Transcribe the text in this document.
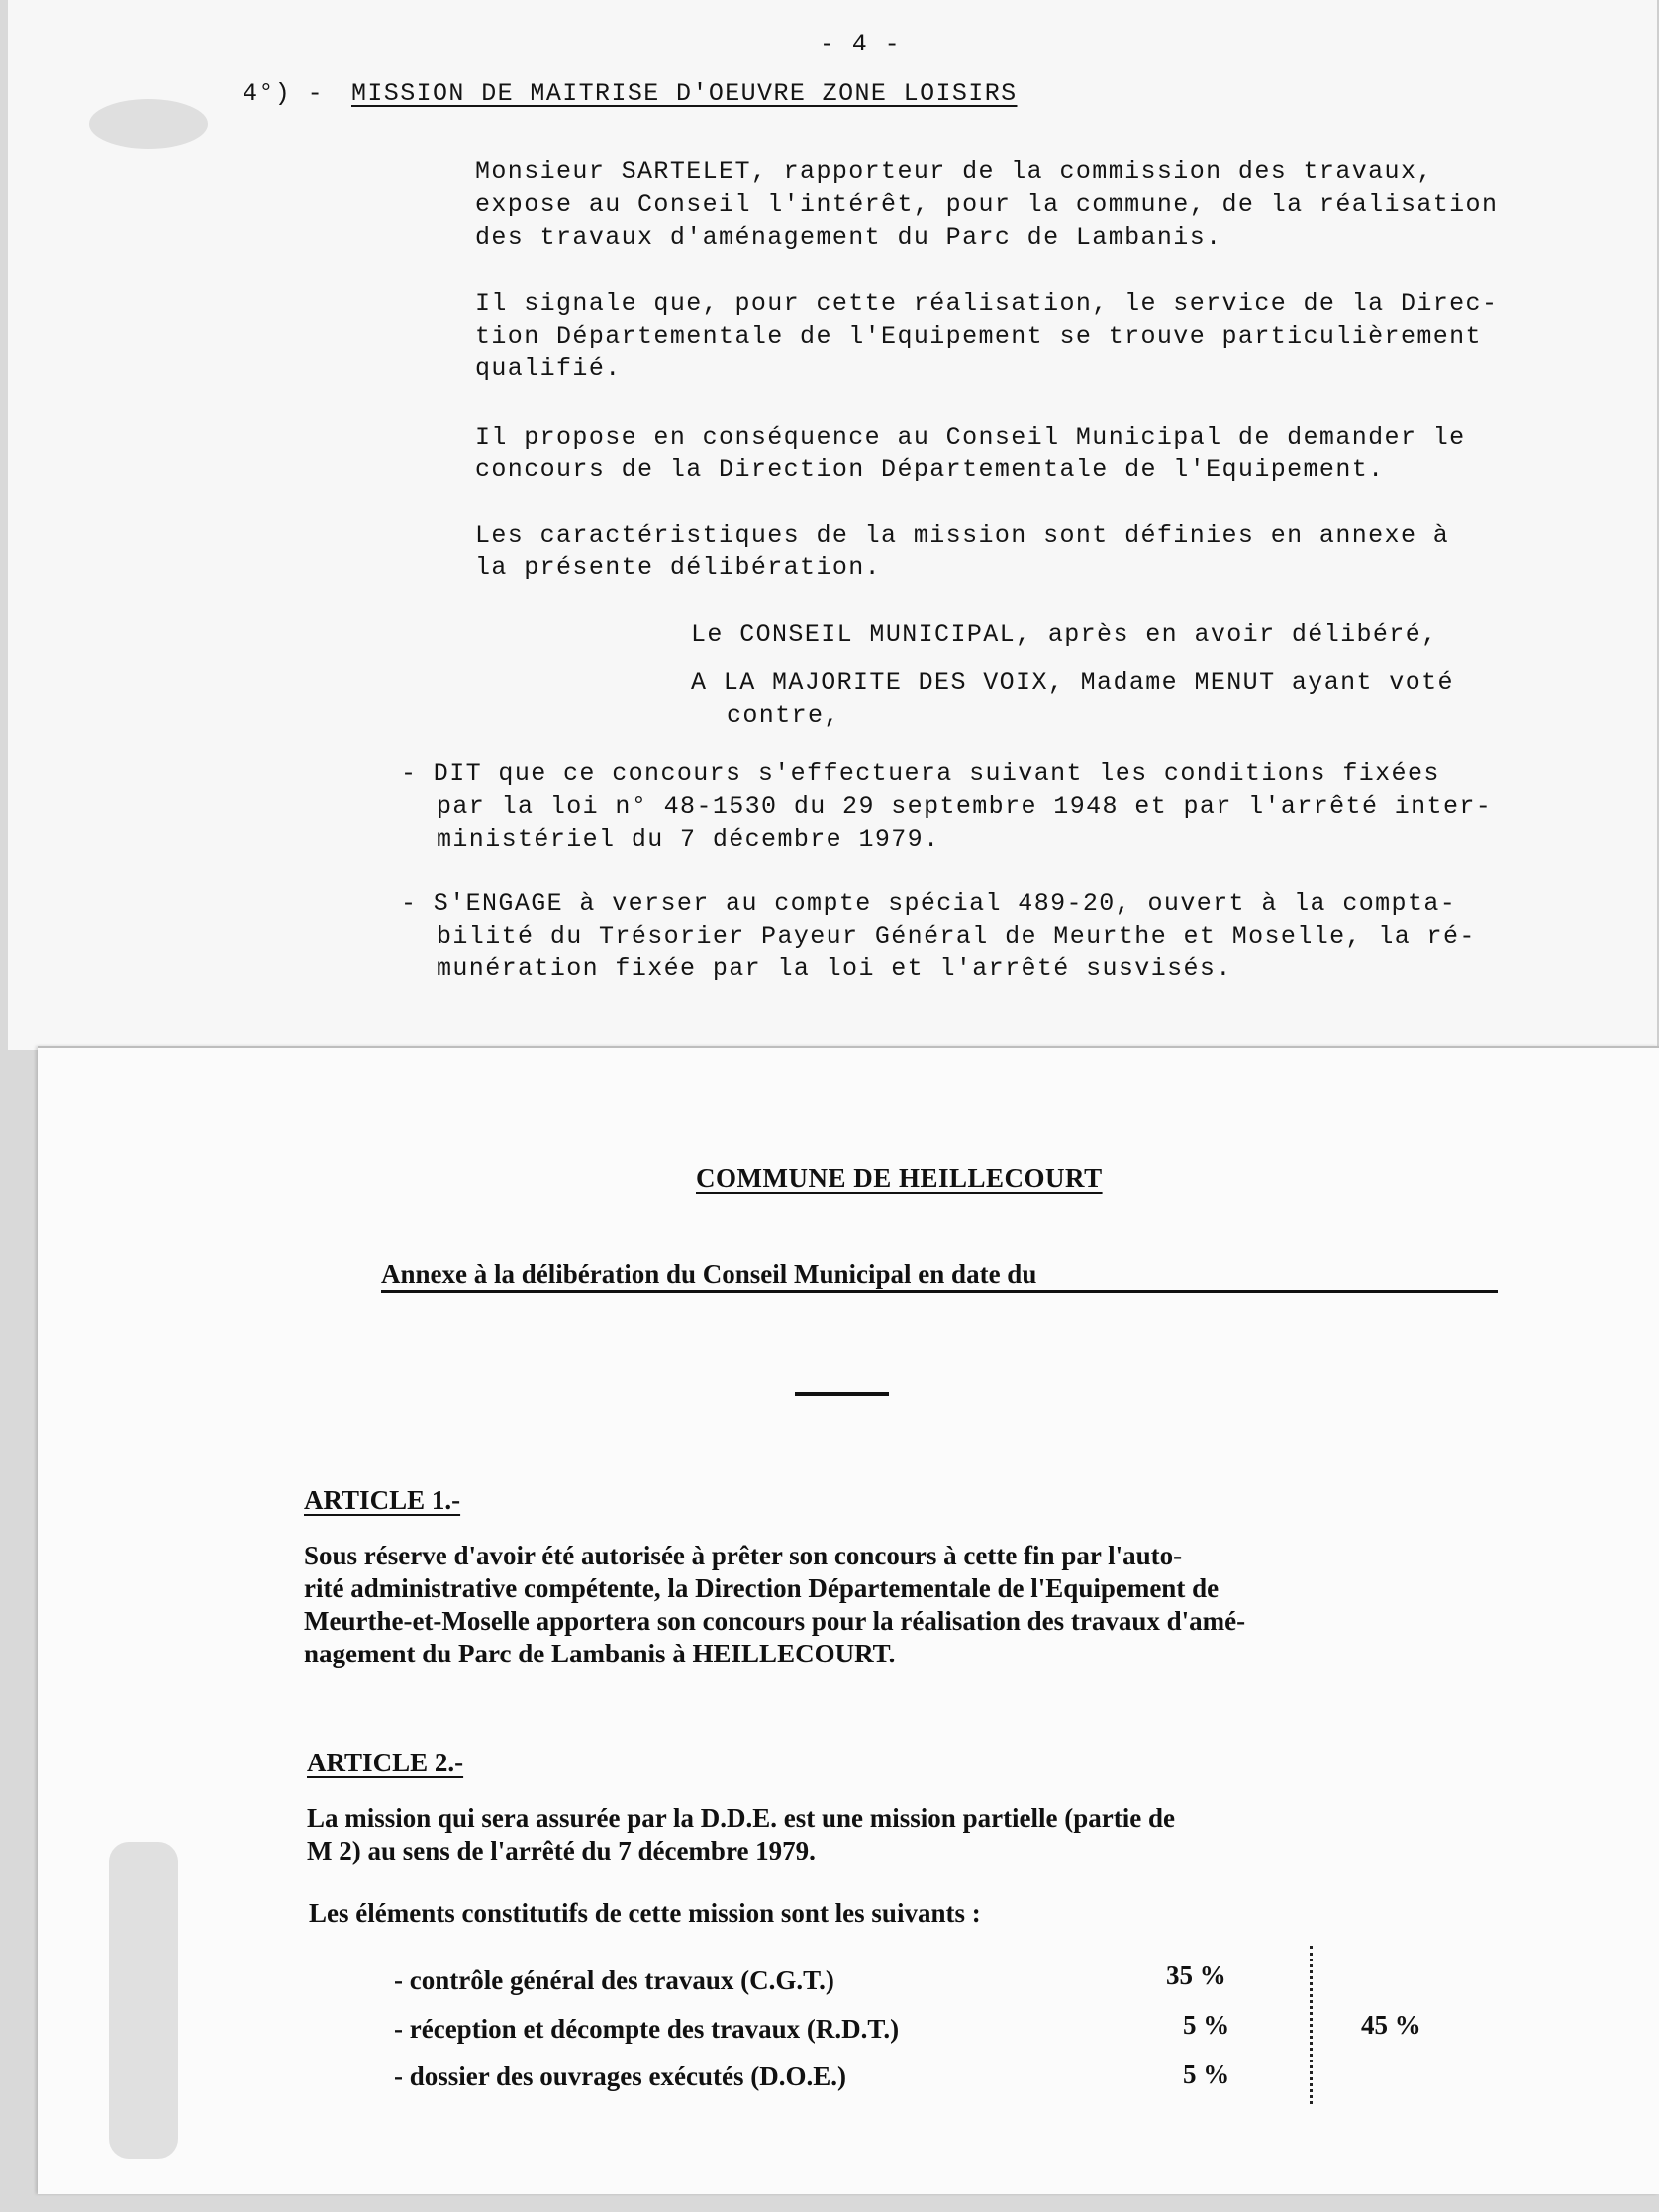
- 4 -
4°) - MISSION DE MAITRISE D'OEUVRE ZONE LOISIRS
Monsieur SARTELET, rapporteur de la commission des travaux,
expose au Conseil l'intérêt, pour la commune, de la réalisation
des travaux d'aménagement du Parc de Lambanis.
Il signale que, pour cette réalisation, le service de la Direc-
tion Départementale de l'Equipement se trouve particulièrement
qualifié.
Il propose en conséquence au Conseil Municipal de demander le
concours de la Direction Départementale de l'Equipement.
Les caractéristiques de la mission sont définies en annexe à
la présente délibération.
Le CONSEIL MUNICIPAL, après en avoir délibéré,
A LA MAJORITE DES VOIX, Madame MENUT ayant voté
contre,
- DIT que ce concours s'effectuera suivant les conditions fixées
par la loi n° 48-1530 du 29 septembre 1948 et par l'arrêté inter-
ministériel du 7 décembre 1979.
- S'ENGAGE à verser au compte spécial 489-20, ouvert à la compta-
bilité du Trésorier Payeur Général de Meurthe et Moselle, la ré-
munération fixée par la loi et l'arrêté susvisés.
COMMUNE DE HEILLECOURT
Annexe à la délibération du Conseil Municipal en date du
ARTICLE 1.-
Sous réserve d'avoir été autorisée à prêter son concours à cette fin par l'auto-
rité administrative compétente, la Direction Départementale de l'Equipement de
Meurthe-et-Moselle apportera son concours pour la réalisation des travaux d'amé-
nagement du Parc de Lambanis à HEILLECOURT.
ARTICLE 2.-
La mission qui sera assurée par la D.D.E. est une mission partielle (partie de
M 2) au sens de l'arrêté du 7 décembre 1979.
Les éléments constitutifs de cette mission sont les suivants :
- contrôle général des travaux (C.G.T.)	35 %
- réception et décompte des travaux (R.D.T.)	5 %
- dossier des ouvrages exécutés (D.O.E.)	5 %
45 %
